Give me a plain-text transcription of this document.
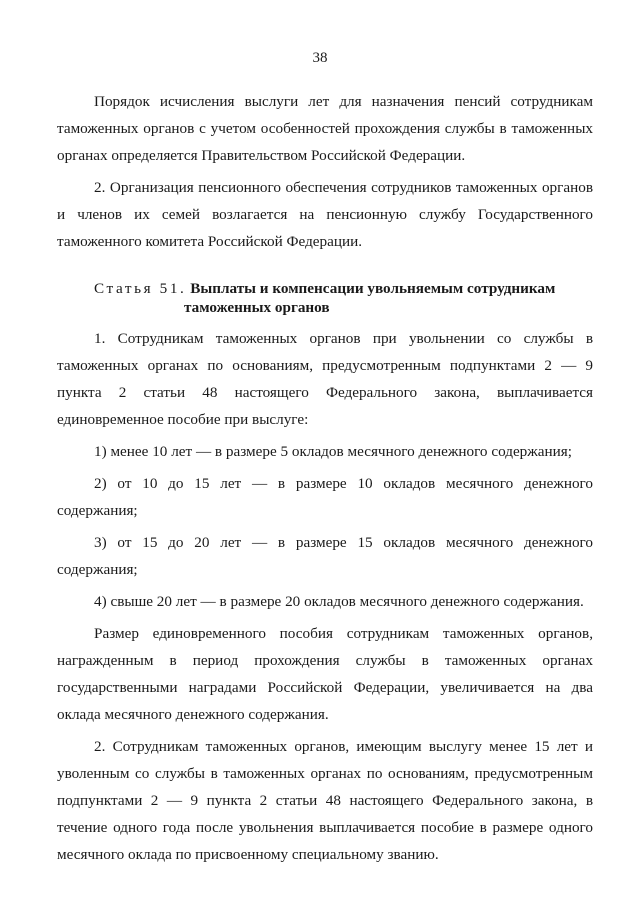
38

Порядок исчисления выслуги лет для назначения пенсий сотрудникам таможенных органов с учетом особенностей прохождения службы в таможенных органах определяется Правительством Российской Федерации.

2. Организация пенсионного обеспечения сотрудников таможенных органов и членов их семей возлагается на пенсионную службу Государственного таможенного комитета Российской Федерации.

Статья 51. Выплаты и компенсации увольняемым сотрудникам
таможенных органов

1. Сотрудникам таможенных органов при увольнении со службы в таможенных органах по основаниям, предусмотренным подпунктами 2 — 9 пункта 2 статьи 48 настоящего Федерального закона, выплачивается единовременное пособие при выслуге:

1) менее 10 лет — в размере 5 окладов месячного денежного содержания;

2) от 10 до 15 лет — в размере 10 окладов месячного денежного содержания;

3) от 15 до 20 лет — в размере 15 окладов месячного денежного содержания;

4) свыше 20 лет — в размере 20 окладов месячного денежного содержания.

Размер единовременного пособия сотрудникам таможенных органов, награжденным в период прохождения службы в таможенных органах государственными наградами Российской Федерации, увеличивается на два оклада месячного денежного содержания.

2. Сотрудникам таможенных органов, имеющим выслугу менее 15 лет и уволенным со службы в таможенных органах по основаниям, предусмотренным подпунктами 2 — 9 пункта 2 статьи 48 настоящего Федерального закона, в течение одного года после увольнения выплачивается пособие в размере одного месячного оклада по присвоенному специальному званию.
